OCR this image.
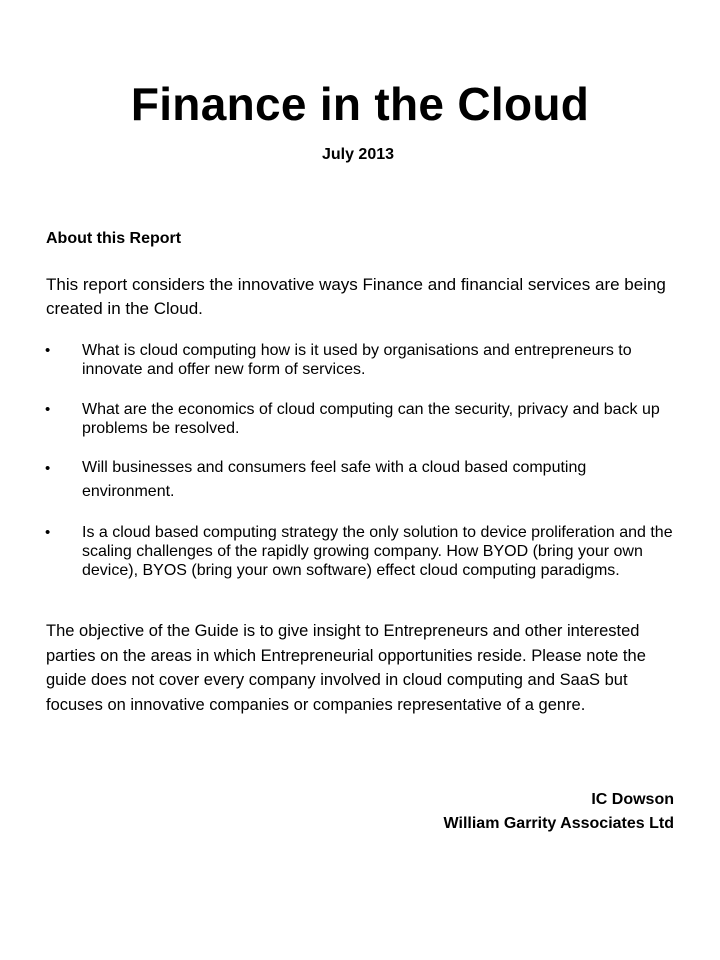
Finance in the Cloud
July 2013
About this Report
This report considers the innovative ways Finance and financial services are being created in the Cloud.
• What is cloud computing how is it used by organisations and entrepreneurs to innovate and offer new form of services.
• What are the economics of cloud computing can the security, privacy and back up problems be resolved.
• Will businesses and consumers feel safe with a cloud based computing environment.
• Is a cloud based computing strategy the only solution to device proliferation and the scaling challenges of the rapidly growing company. How BYOD (bring your own device), BYOS (bring your own software) effect cloud computing paradigms.
The objective of the Guide is to give insight to Entrepreneurs and other interested parties on the areas in which Entrepreneurial opportunities reside. Please note the guide does not cover every company involved in cloud computing and SaaS but focuses on innovative companies or companies representative of a genre.
IC Dowson
William Garrity Associates Ltd
